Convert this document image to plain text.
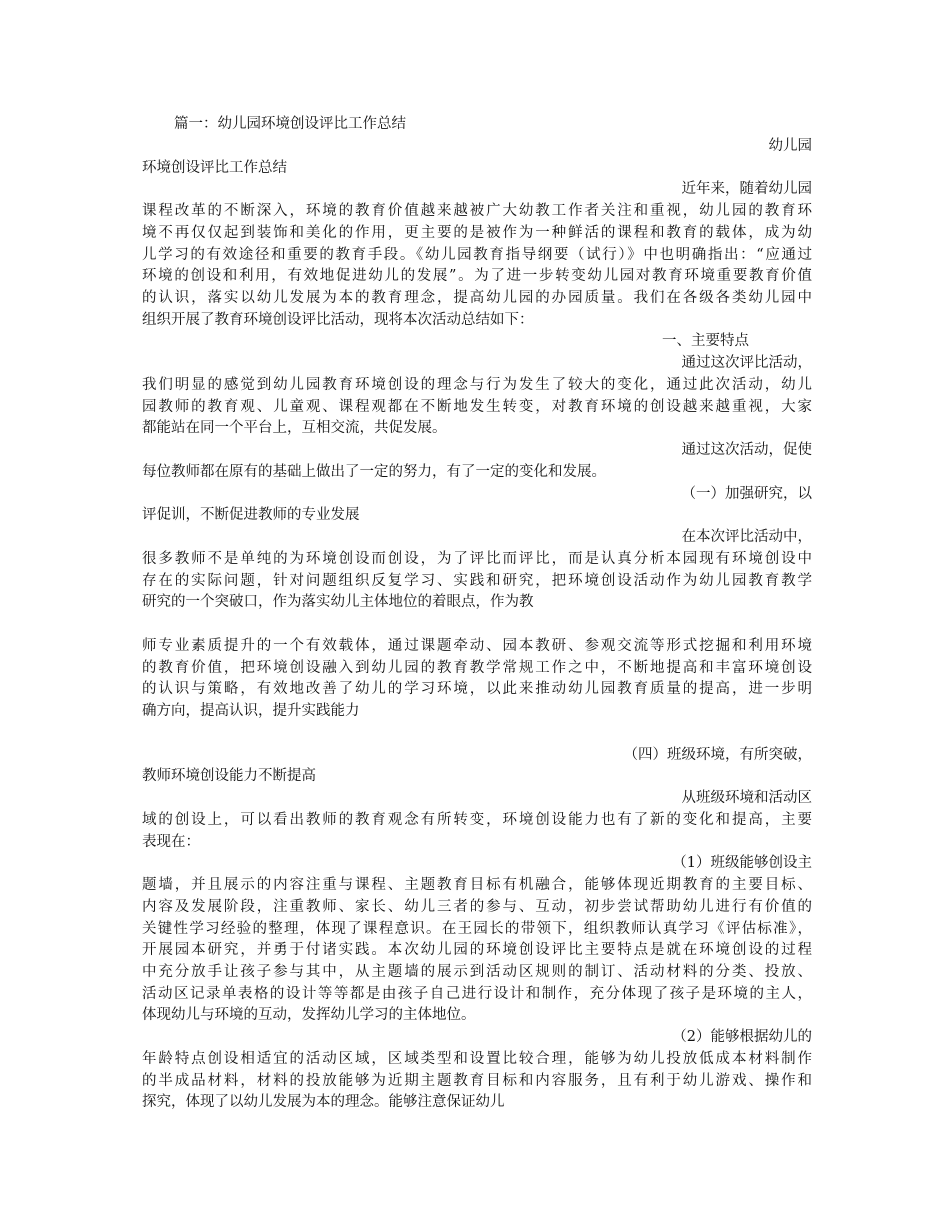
篇一：幼儿园环境创设评比工作总结
幼儿园
环境创设评比工作总结
近年来，随着幼儿园
课程改革的不断深入，环境的教育价值越来越被广大幼教工作者关注和重视，幼儿园的教育环
境不再仅仅起到装饰和美化的作用，更主要的是被作为一种鲜活的课程和教育的载体，成为幼
儿学习的有效途径和重要的教育手段。《幼儿园教育指导纲要（试行）》中也明确指出：“应通过
环境的创设和利用，有效地促进幼儿的发展”。为了进一步转变幼儿园对教育环境重要教育价值
的认识，落实以幼儿发展为本的教育理念，提高幼儿园的办园质量。我们在各级各类幼儿园中
组织开展了教育环境创设评比活动，现将本次活动总结如下：
一、主要特点
通过这次评比活动，
我们明显的感觉到幼儿园教育环境创设的理念与行为发生了较大的变化，通过此次活动，幼儿
园教师的教育观、儿童观、课程观都在不断地发生转变，对教育环境的创设越来越重视，大家
都能站在同一个平台上，互相交流，共促发展。
通过这次活动，促使
每位教师都在原有的基础上做出了一定的努力，有了一定的变化和发展。
（一）加强研究，以
评促训，不断促进教师的专业发展
在本次评比活动中，
很多教师不是单纯的为环境创设而创设，为了评比而评比，而是认真分析本园现有环境创设中
存在的实际问题，针对问题组织反复学习、实践和研究，把环境创设活动作为幼儿园教育教学
研究的一个突破口，作为落实幼儿主体地位的着眼点，作为教
师专业素质提升的一个有效载体，通过课题牵动、园本教研、参观交流等形式挖掘和利用环境
的教育价值，把环境创设融入到幼儿园的教育教学常规工作之中，不断地提高和丰富环境创设
的认识与策略，有效地改善了幼儿的学习环境，以此来推动幼儿园教育质量的提高，进一步明
确方向，提高认识，提升实践能力
（四）班级环境，有所突破，
教师环境创设能力不断提高
从班级环境和活动区
域的创设上，可以看出教师的教育观念有所转变，环境创设能力也有了新的变化和提高，主要
表现在：
（1）班级能够创设主
题墙，并且展示的内容注重与课程、主题教育目标有机融合，能够体现近期教育的主要目标、
内容及发展阶段，注重教师、家长、幼儿三者的参与、互动，初步尝试帮助幼儿进行有价值的
关键性学习经验的整理，体现了课程意识。在王园长的带领下，组织教师认真学习《评估标准》，
开展园本研究，并勇于付诸实践。本次幼儿园的环境创设评比主要特点是就在环境创设的过程
中充分放手让孩子参与其中，从主题墙的展示到活动区规则的制订、活动材料的分类、投放、
活动区记录单表格的设计等等都是由孩子自己进行设计和制作，充分体现了孩子是环境的主人，
体现幼儿与环境的互动，发挥幼儿学习的主体地位。
（2）能够根据幼儿的
年龄特点创设相适宜的活动区域，区域类型和设置比较合理，能够为幼儿投放低成本材料制作
的半成品材料，材料的投放能够为近期主题教育目标和内容服务，且有利于幼儿游戏、操作和
探究，体现了以幼儿发展为本的理念。能够注意保证幼儿
